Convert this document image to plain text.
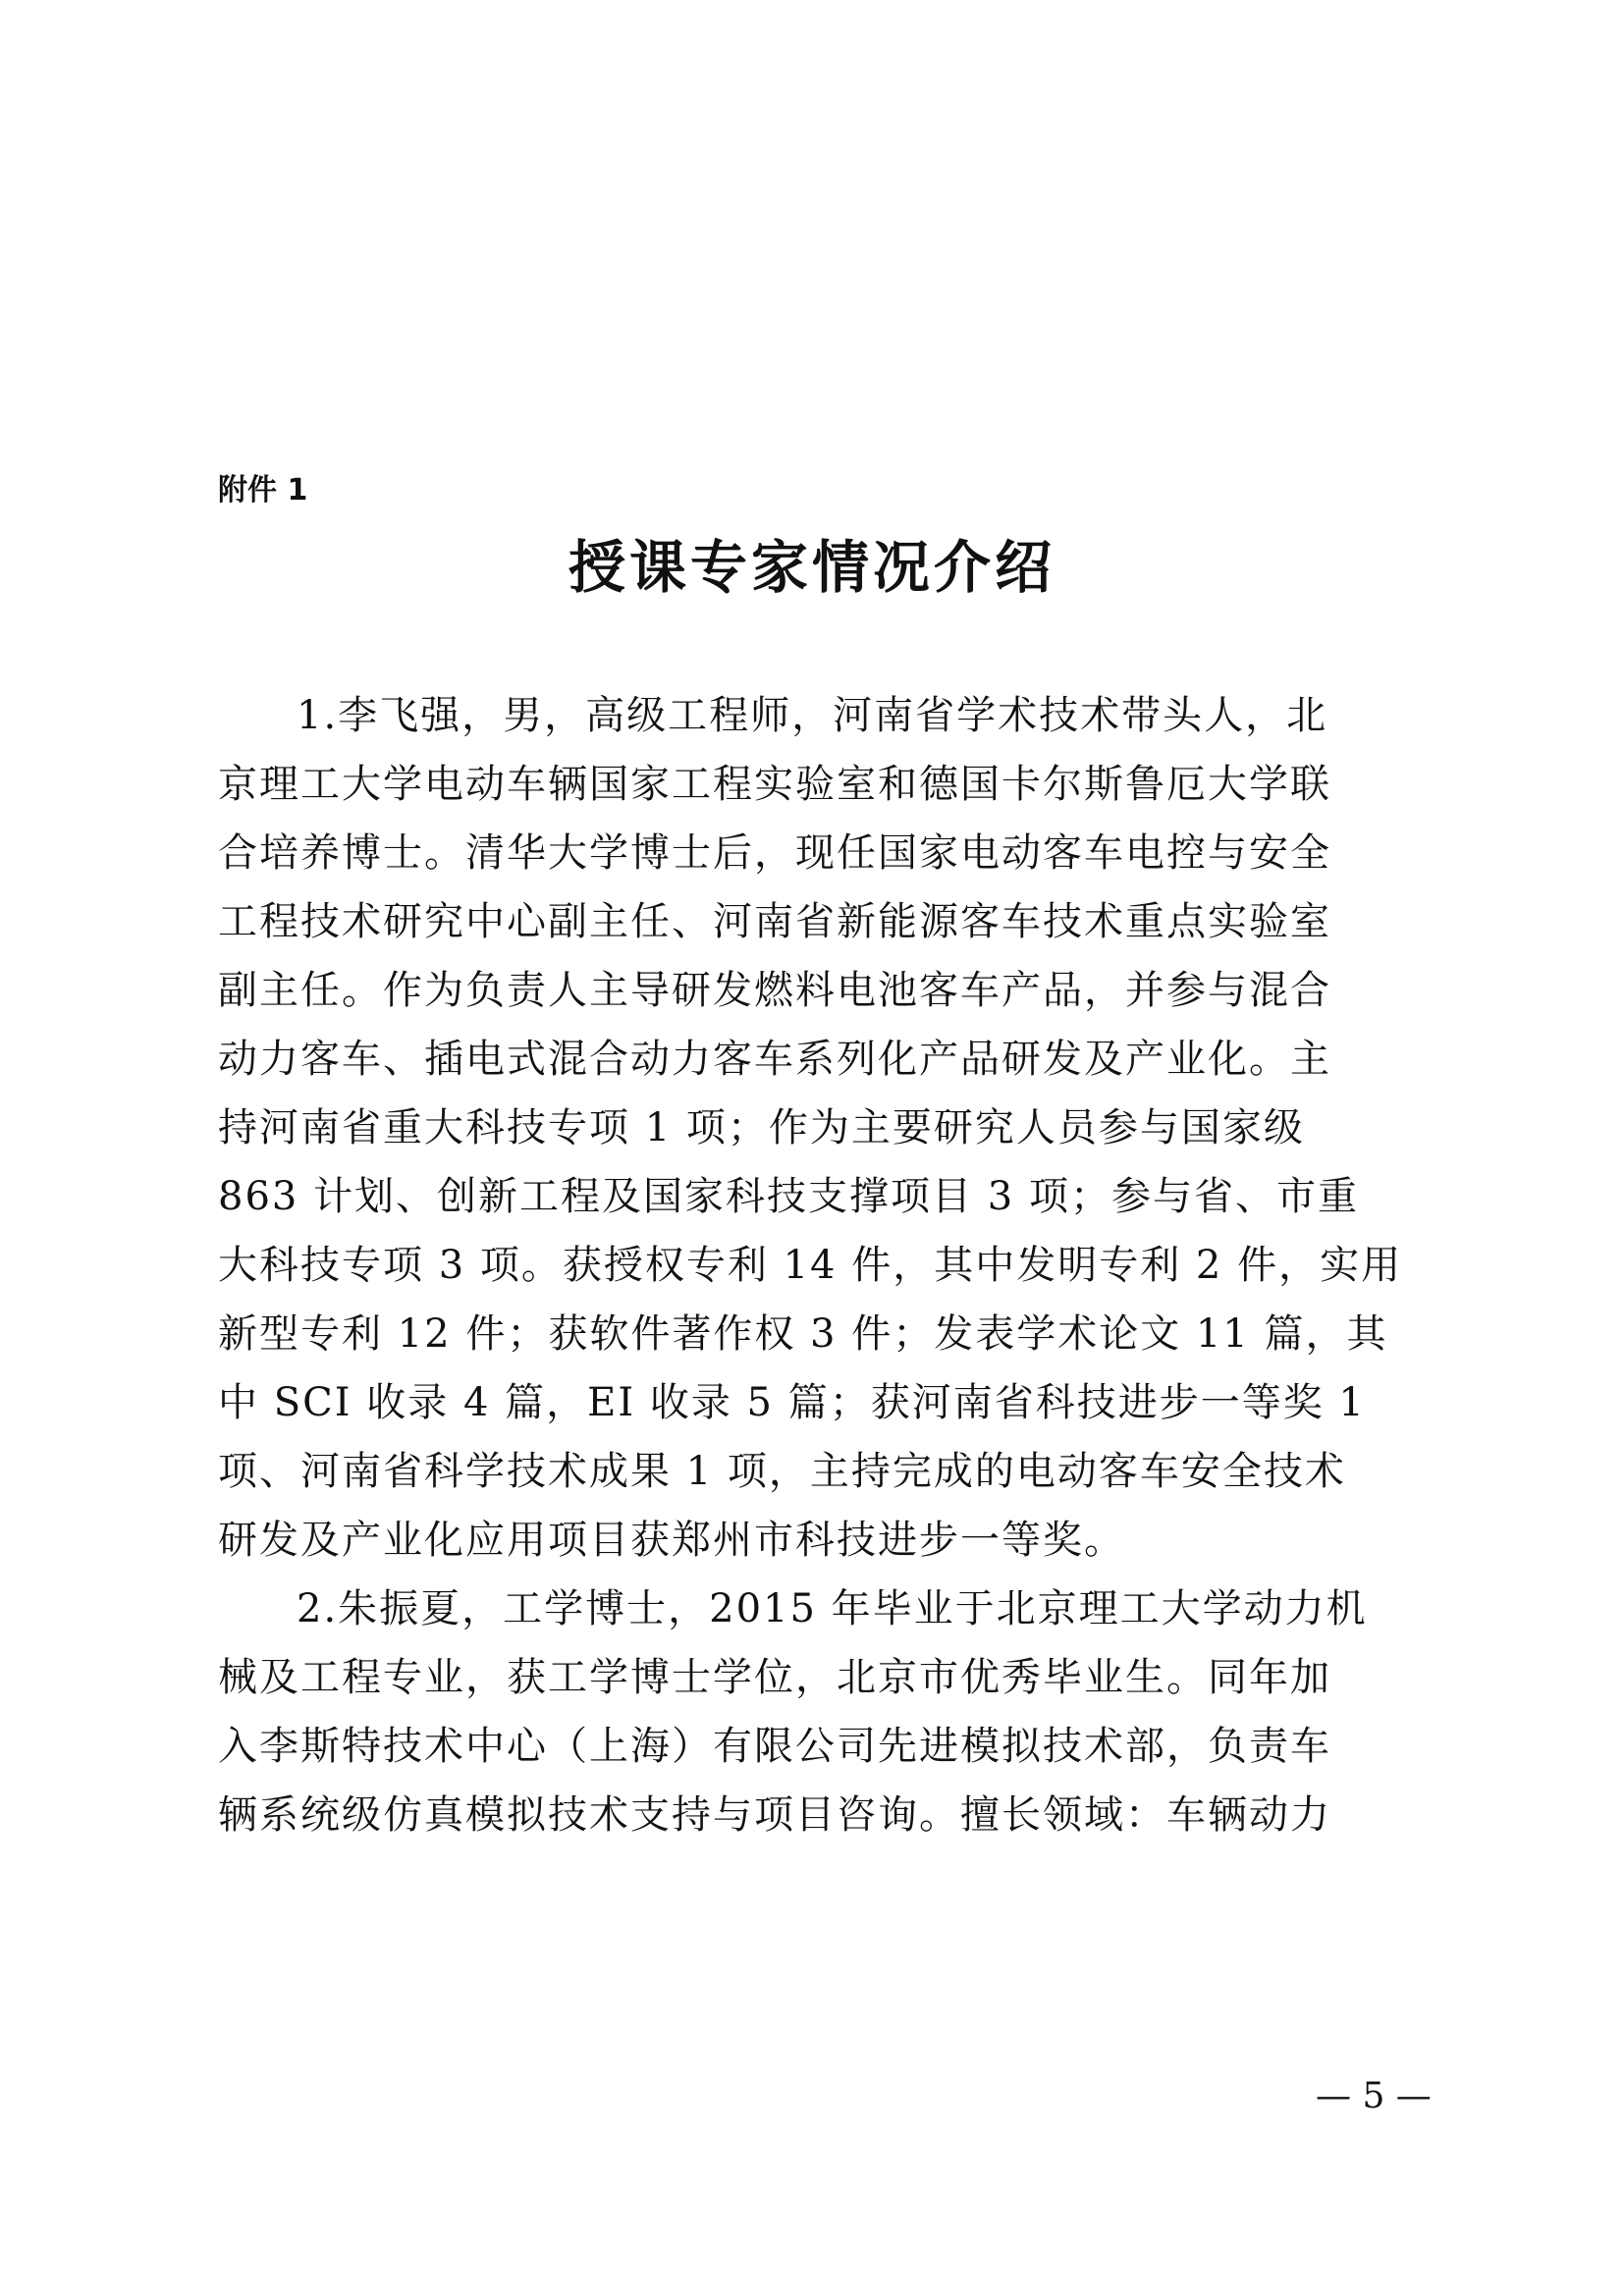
附件 1
授课专家情况介绍
1.李飞强，男，高级工程师，河南省学术技术带头人，北
京理工大学电动车辆国家工程实验室和德国卡尔斯鲁厄大学联
合培养博士。清华大学博士后，现任国家电动客车电控与安全
工程技术研究中心副主任、河南省新能源客车技术重点实验室
副主任。作为负责人主导研发燃料电池客车产品，并参与混合
动力客车、插电式混合动力客车系列化产品研发及产业化。主
持河南省重大科技专项 1 项；作为主要研究人员参与国家级
863 计划、创新工程及国家科技支撑项目 3 项；参与省、市重
大科技专项 3 项。获授权专利 14 件，其中发明专利 2 件，实用
新型专利 12 件；获软件著作权 3 件；发表学术论文 11 篇，其
中 SCI 收录 4 篇，EI 收录 5 篇；获河南省科技进步一等奖 1
项、河南省科学技术成果 1 项，主持完成的电动客车安全技术
研发及产业化应用项目获郑州市科技进步一等奖。
2.朱振夏，工学博士，2015 年毕业于北京理工大学动力机
械及工程专业，获工学博士学位，北京市优秀毕业生。同年加
入李斯特技术中心（上海）有限公司先进模拟技术部，负责车
辆系统级仿真模拟技术支持与项目咨询。擅长领域：车辆动力
— 5 —
